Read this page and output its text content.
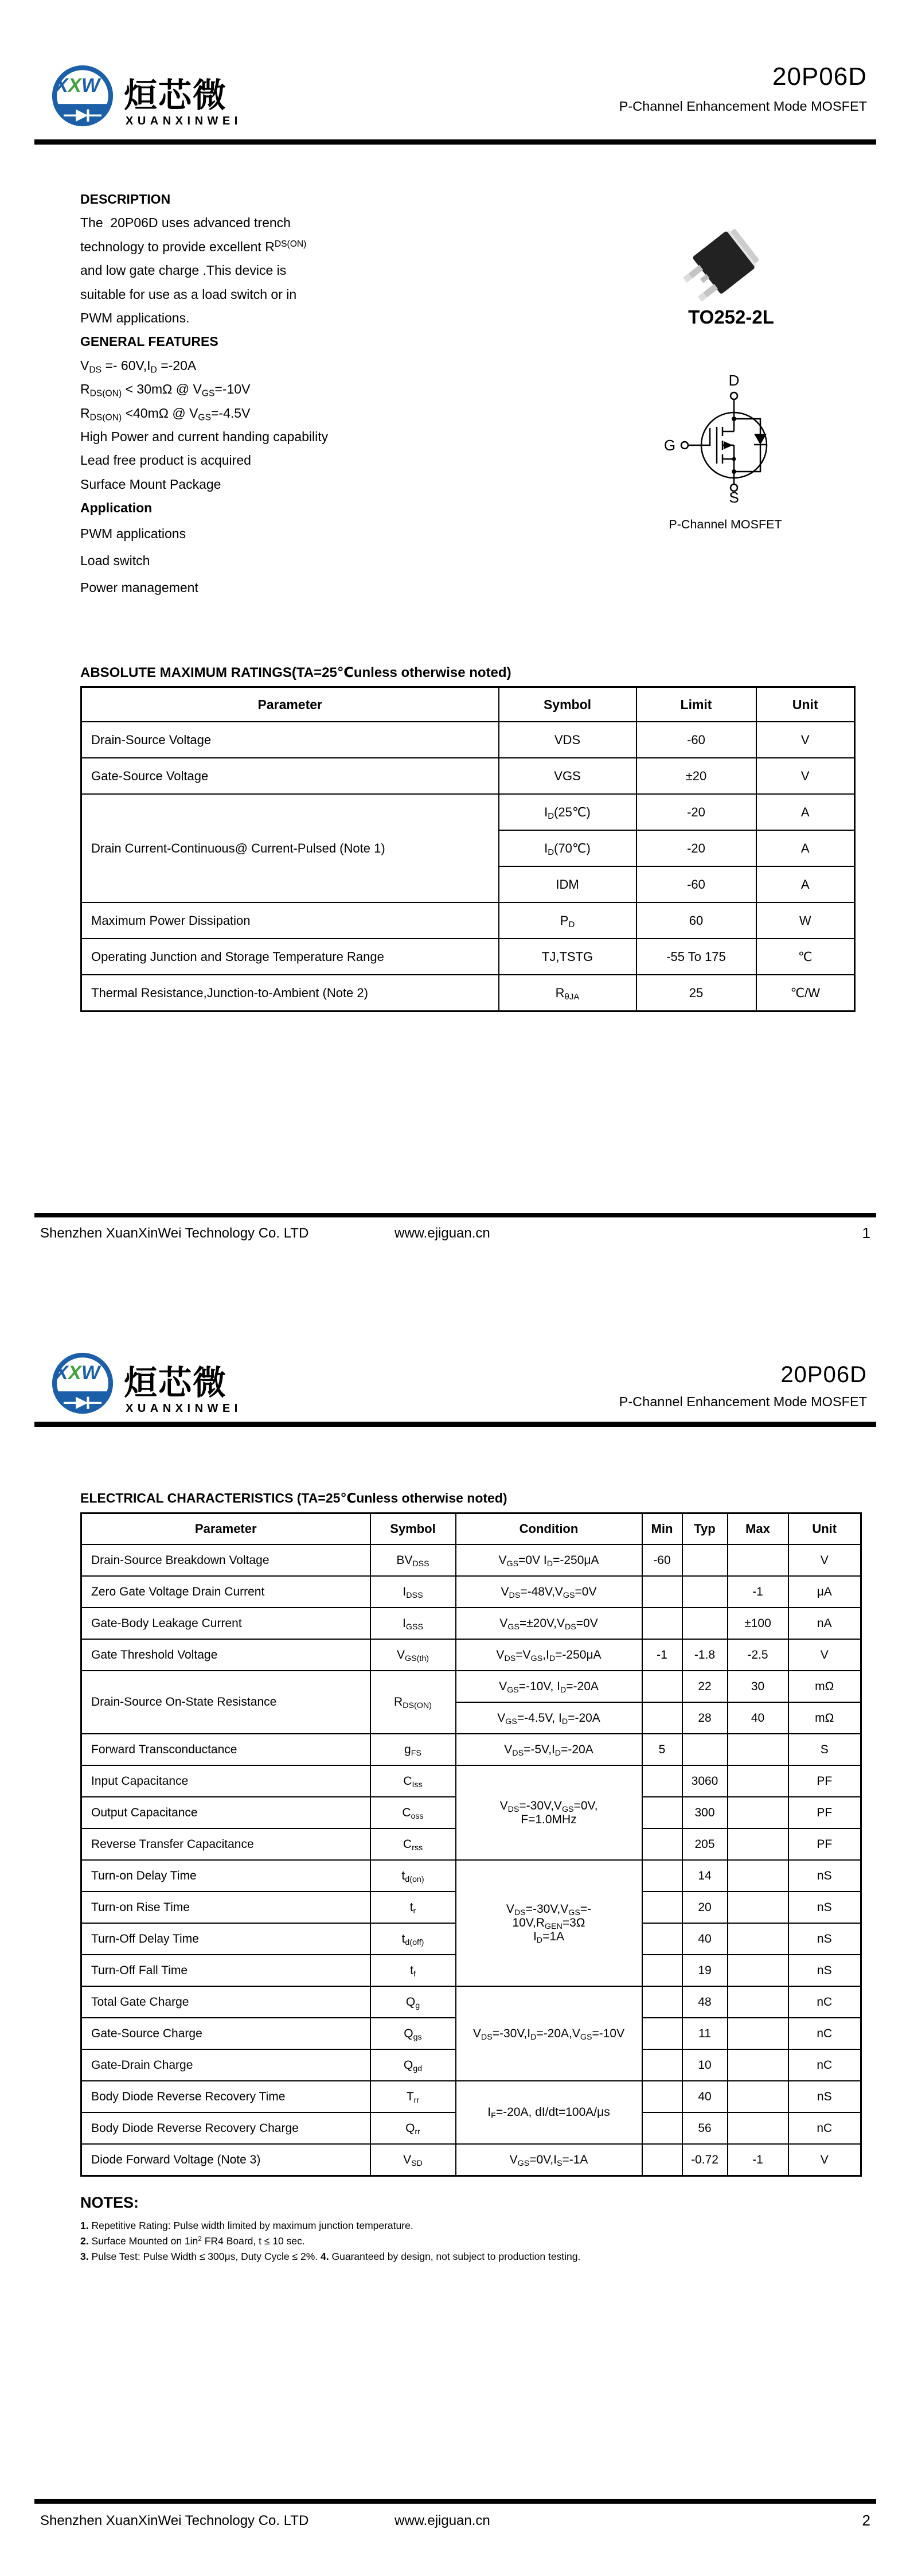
X X W 烜芯微
XUANXINWEI
20P06D
P-Channel Enhancement Mode MOSFET
DESCRIPTION
The  20P06D uses advanced trench
technology to provide excellent $R^{DS(ON)}$
and low gate charge .This device is
suitable for use as a load switch or in
PWM applications.
GENERAL FEATURES
$V_{DS} =- 60V,I_D =-20A$
$R_{DS(ON)} < 30m\Omega$ @ $V_{GS}=-10V$
$R_{DS(ON)} <40m\Omega$ @ $V_{GS}=-4.5V$
High Power and current handing capability
Lead free product is acquired
Surface Mount Package
Application
PWM applications
Load switch
Power management
TO252-2L
D
G
S
P-Channel MOSFET
ABSOLUTE MAXIMUM RATINGS(TA=25℃unless otherwise noted)
Parameter	Symbol	Limit	Unit
Drain-Source Voltage	VDS	-60	V
Gate-Source Voltage	VGS	±20	V
Drain Current-Continuous@ Current-Pulsed (Note 1)	$I_D(25℃)$	-20	A
	$I_D(70℃)$	-20	A
	IDM	-60	A
Maximum Power Dissipation	$P_D$	60	W
Operating Junction and Storage Temperature Range	TJ,TSTG	-55 To 175	℃
Thermal Resistance,Junction-to-Ambient (Note 2)	$R_{\theta JA}$	25	℃/W
Shenzhen XuanXinWei Technology Co. LTD	www.ejiguan.cn	1
X X W 烜芯微
XUANXINWEI
20P06D
P-Channel Enhancement Mode MOSFET
ELECTRICAL CHARACTERISTICS (TA=25℃unless otherwise noted)
Parameter	Symbol	Condition	Min	Typ	Max	Unit
Drain-Source Breakdown Voltage	$BV_{DSS}$	$V_{GS}=0V$ $I_D=-250\mu A$	-60			V
Zero Gate Voltage Drain Current	$I_{DSS}$	$V_{DS}=-48V,V_{GS}=0V$			-1	μA
Gate-Body Leakage Current	$I_{GSS}$	$V_{GS}=\pm 20V,V_{DS}=0V$			±100	nA
Gate Threshold Voltage	$V_{GS(th)}$	$V_{DS}=V_{GS},I_D=-250\mu A$	-1	-1.8	-2.5	V
Drain-Source On-State Resistance	$R_{DS(ON)}$	$V_{GS}=-10V$, $I_D=-20A$		22	30	mΩ
		$V_{GS}=-4.5V$, $I_D=-20A$		28	40	mΩ
Forward Transconductance	$g_{FS}$	$V_{DS}=-5V,I_D=-20A$	5			S
Input Capacitance	$C_{Iss}$	$V_{DS}=-30V,V_{GS}=0V$,
F=1.0MHz		3060		PF
Output Capacitance	$C_{oss}$			300		PF
Reverse Transfer Capacitance	$C_{rss}$			205		PF
Turn-on Delay Time	$t_{d(on)}$	$V_{DS}=-30V,V_{GS}=-$
$10V,R_{GEN}=3\Omega$
$I_D=1A$		14		nS
Turn-on Rise Time	$t_r$			20		nS
Turn-Off Delay Time	$t_{d(off)}$			40		nS
Turn-Off Fall Time	$t_f$			19		nS
Total Gate Charge	$Q_g$	$V_{DS}=-30V,I_D=-20A,V_{GS}=-10V$		48		nC
Gate-Source Charge	$Q_{gs}$			11		nC
Gate-Drain Charge	$Q_{gd}$			10		nC
Body Diode Reverse Recovery Time	$T_{rr}$	$I_F=-20A$, dI/dt=100A/μs		40		nS
Body Diode Reverse Recovery Charge	$Q_{rr}$			56		nC
Diode Forward Voltage (Note 3)	$V_{SD}$	$V_{GS}=0V,I_S=-1A$		-0.72	-1	V
NOTES:
1. Repetitive Rating: Pulse width limited by maximum junction temperature.
2. Surface Mounted on $1in^2$ FR4 Board, t ≤ 10 sec.
3. Pulse Test: Pulse Width ≤ 300μs, Duty Cycle ≤ 2%. 4. Guaranteed by design, not subject to production testing.
Shenzhen XuanXinWei Technology Co. LTD	www.ejiguan.cn	2
